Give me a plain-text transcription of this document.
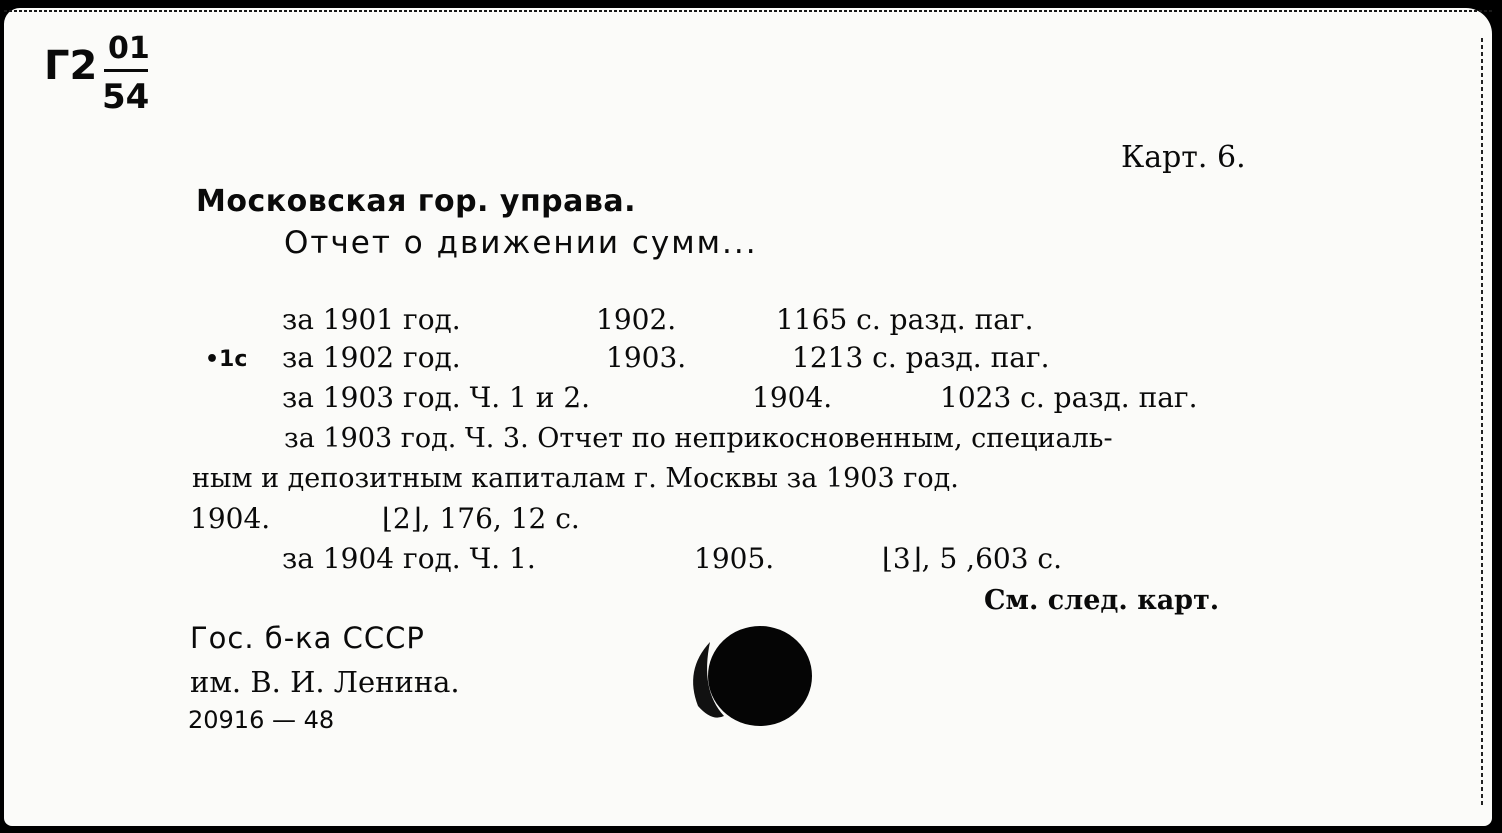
Г2 01
54
Карт. 6.
Московская гор. управа.
Отчет о движении сумм...
за 1901 год.	1902.	1165 с. разд. паг.
•1с за 1902 год.	1903.	1213 с. разд. паг.
за 1903 год. Ч. 1 и 2.	1904.	1023 с. разд. паг.
за 1903 год. Ч. 3. Отчет по неприкосновенным, специаль-
ным и депозитным капиталам г. Москвы за 1903 год.
1904.	⌊2⌋, 176, 12 с.
за 1904 год. Ч. 1.	1905.	⌊3⌋, 5 ,603 с.
См. след. карт.
Гос. б-ка СССР
им. В. И. Ленина.
20916 — 48
